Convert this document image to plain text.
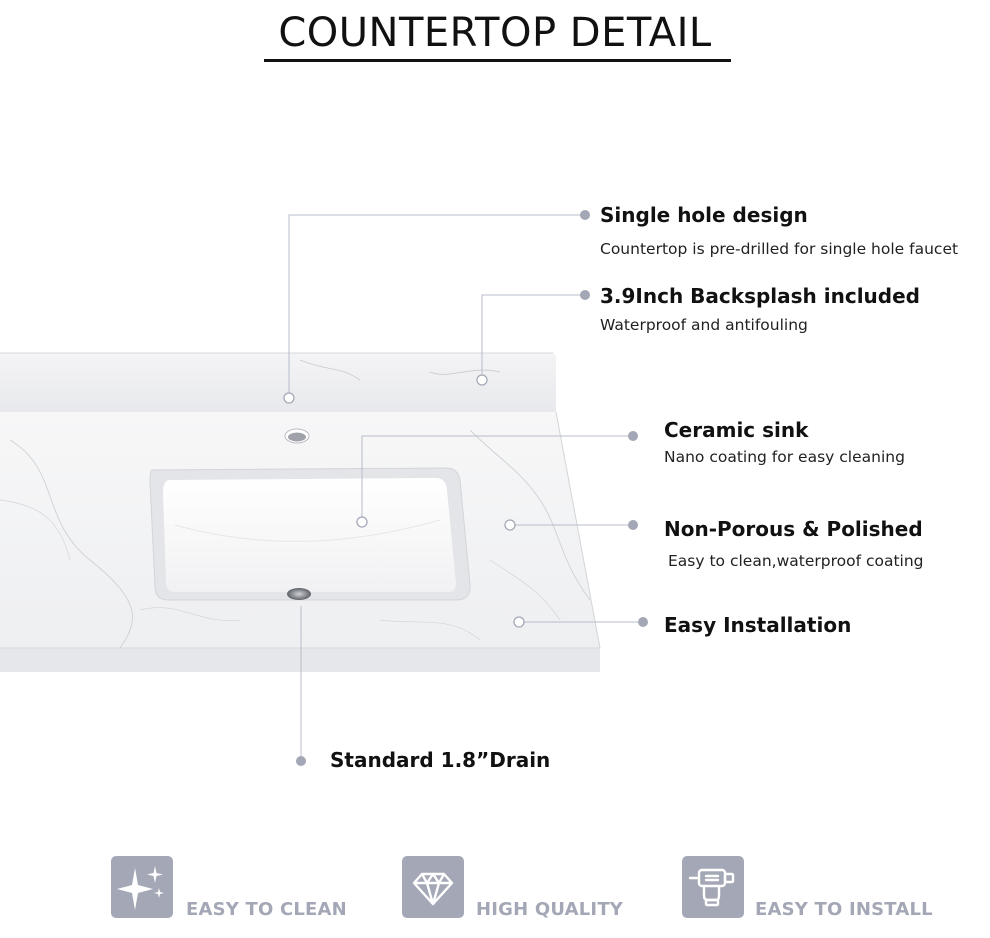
COUNTERTOP DETAIL
Single hole design
Countertop is pre-drilled for single hole faucet
3.9Inch Backsplash included
Waterproof and antifouling
Ceramic sink
Nano coating for easy cleaning
Non-Porous & Polished
Easy to clean,waterproof coating
Easy Installation
Standard 1.8”Drain
EASY TO CLEAN	HIGH QUALITY	EASY TO INSTALL
